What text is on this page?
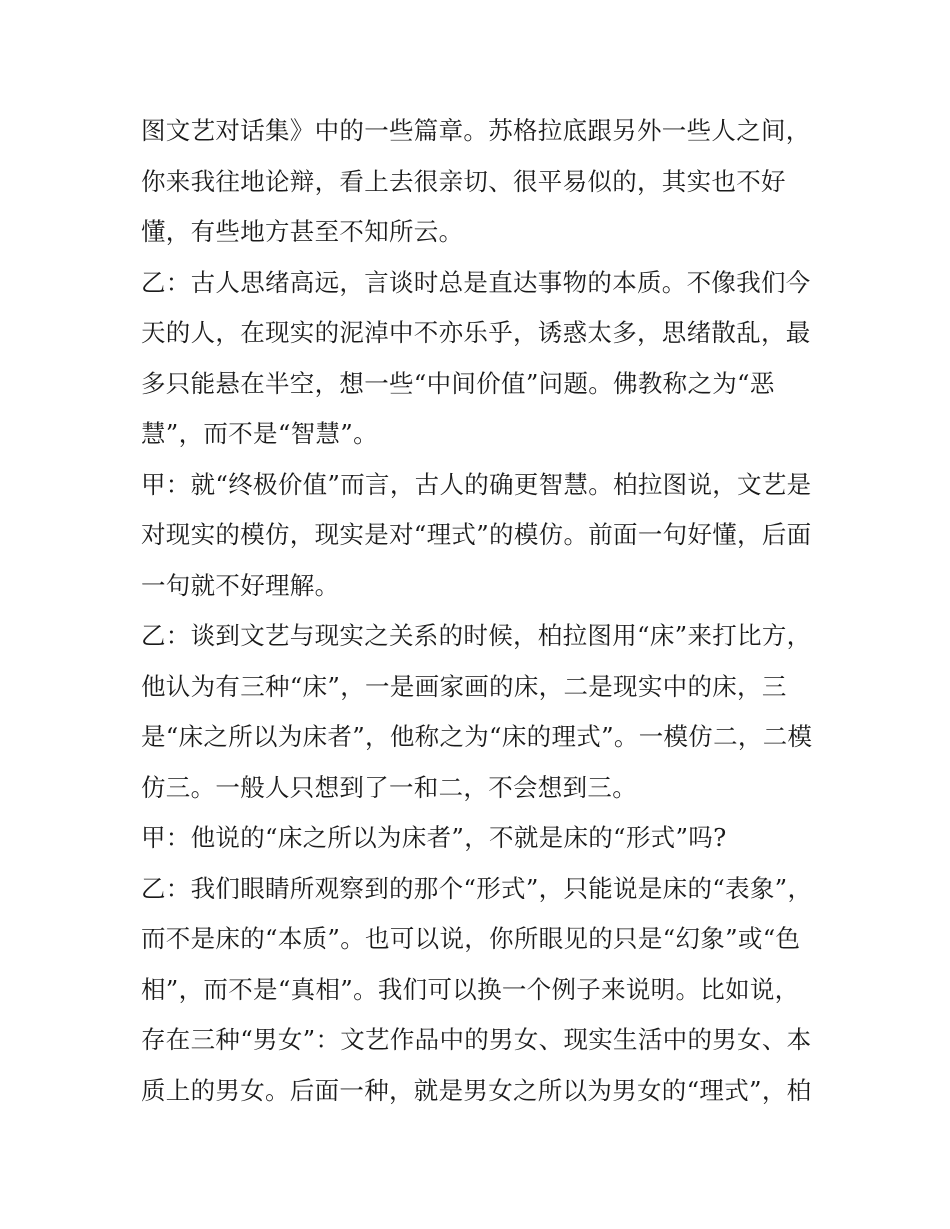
图文艺对话集》中的一些篇章。苏格拉底跟另外一些人之间，
你来我往地论辩，看上去很亲切、很平易似的，其实也不好
懂，有些地方甚至不知所云。
乙：古人思绪高远，言谈时总是直达事物的本质。不像我们今
天的人，在现实的泥淖中不亦乐乎，诱惑太多，思绪散乱，最
多只能悬在半空，想一些“中间价值”问题。佛教称之为“恶
慧”，而不是“智慧”。
甲：就“终极价值”而言，古人的确更智慧。柏拉图说，文艺是
对现实的模仿，现实是对“理式”的模仿。前面一句好懂，后面
一句就不好理解。
乙：谈到文艺与现实之关系的时候，柏拉图用“床”来打比方，
他认为有三种“床”，一是画家画的床，二是现实中的床，三
是“床之所以为床者”，他称之为“床的理式”。一模仿二，二模
仿三。一般人只想到了一和二，不会想到三。
甲：他说的“床之所以为床者”，不就是床的“形式”吗?
乙：我们眼睛所观察到的那个“形式”，只能说是床的“表象”，
而不是床的“本质”。也可以说，你所眼见的只是“幻象”或“色
相”，而不是“真相”。我们可以换一个例子来说明。比如说，
存在三种“男女”：文艺作品中的男女、现实生活中的男女、本
质上的男女。后面一种，就是男女之所以为男女的“理式”，柏
